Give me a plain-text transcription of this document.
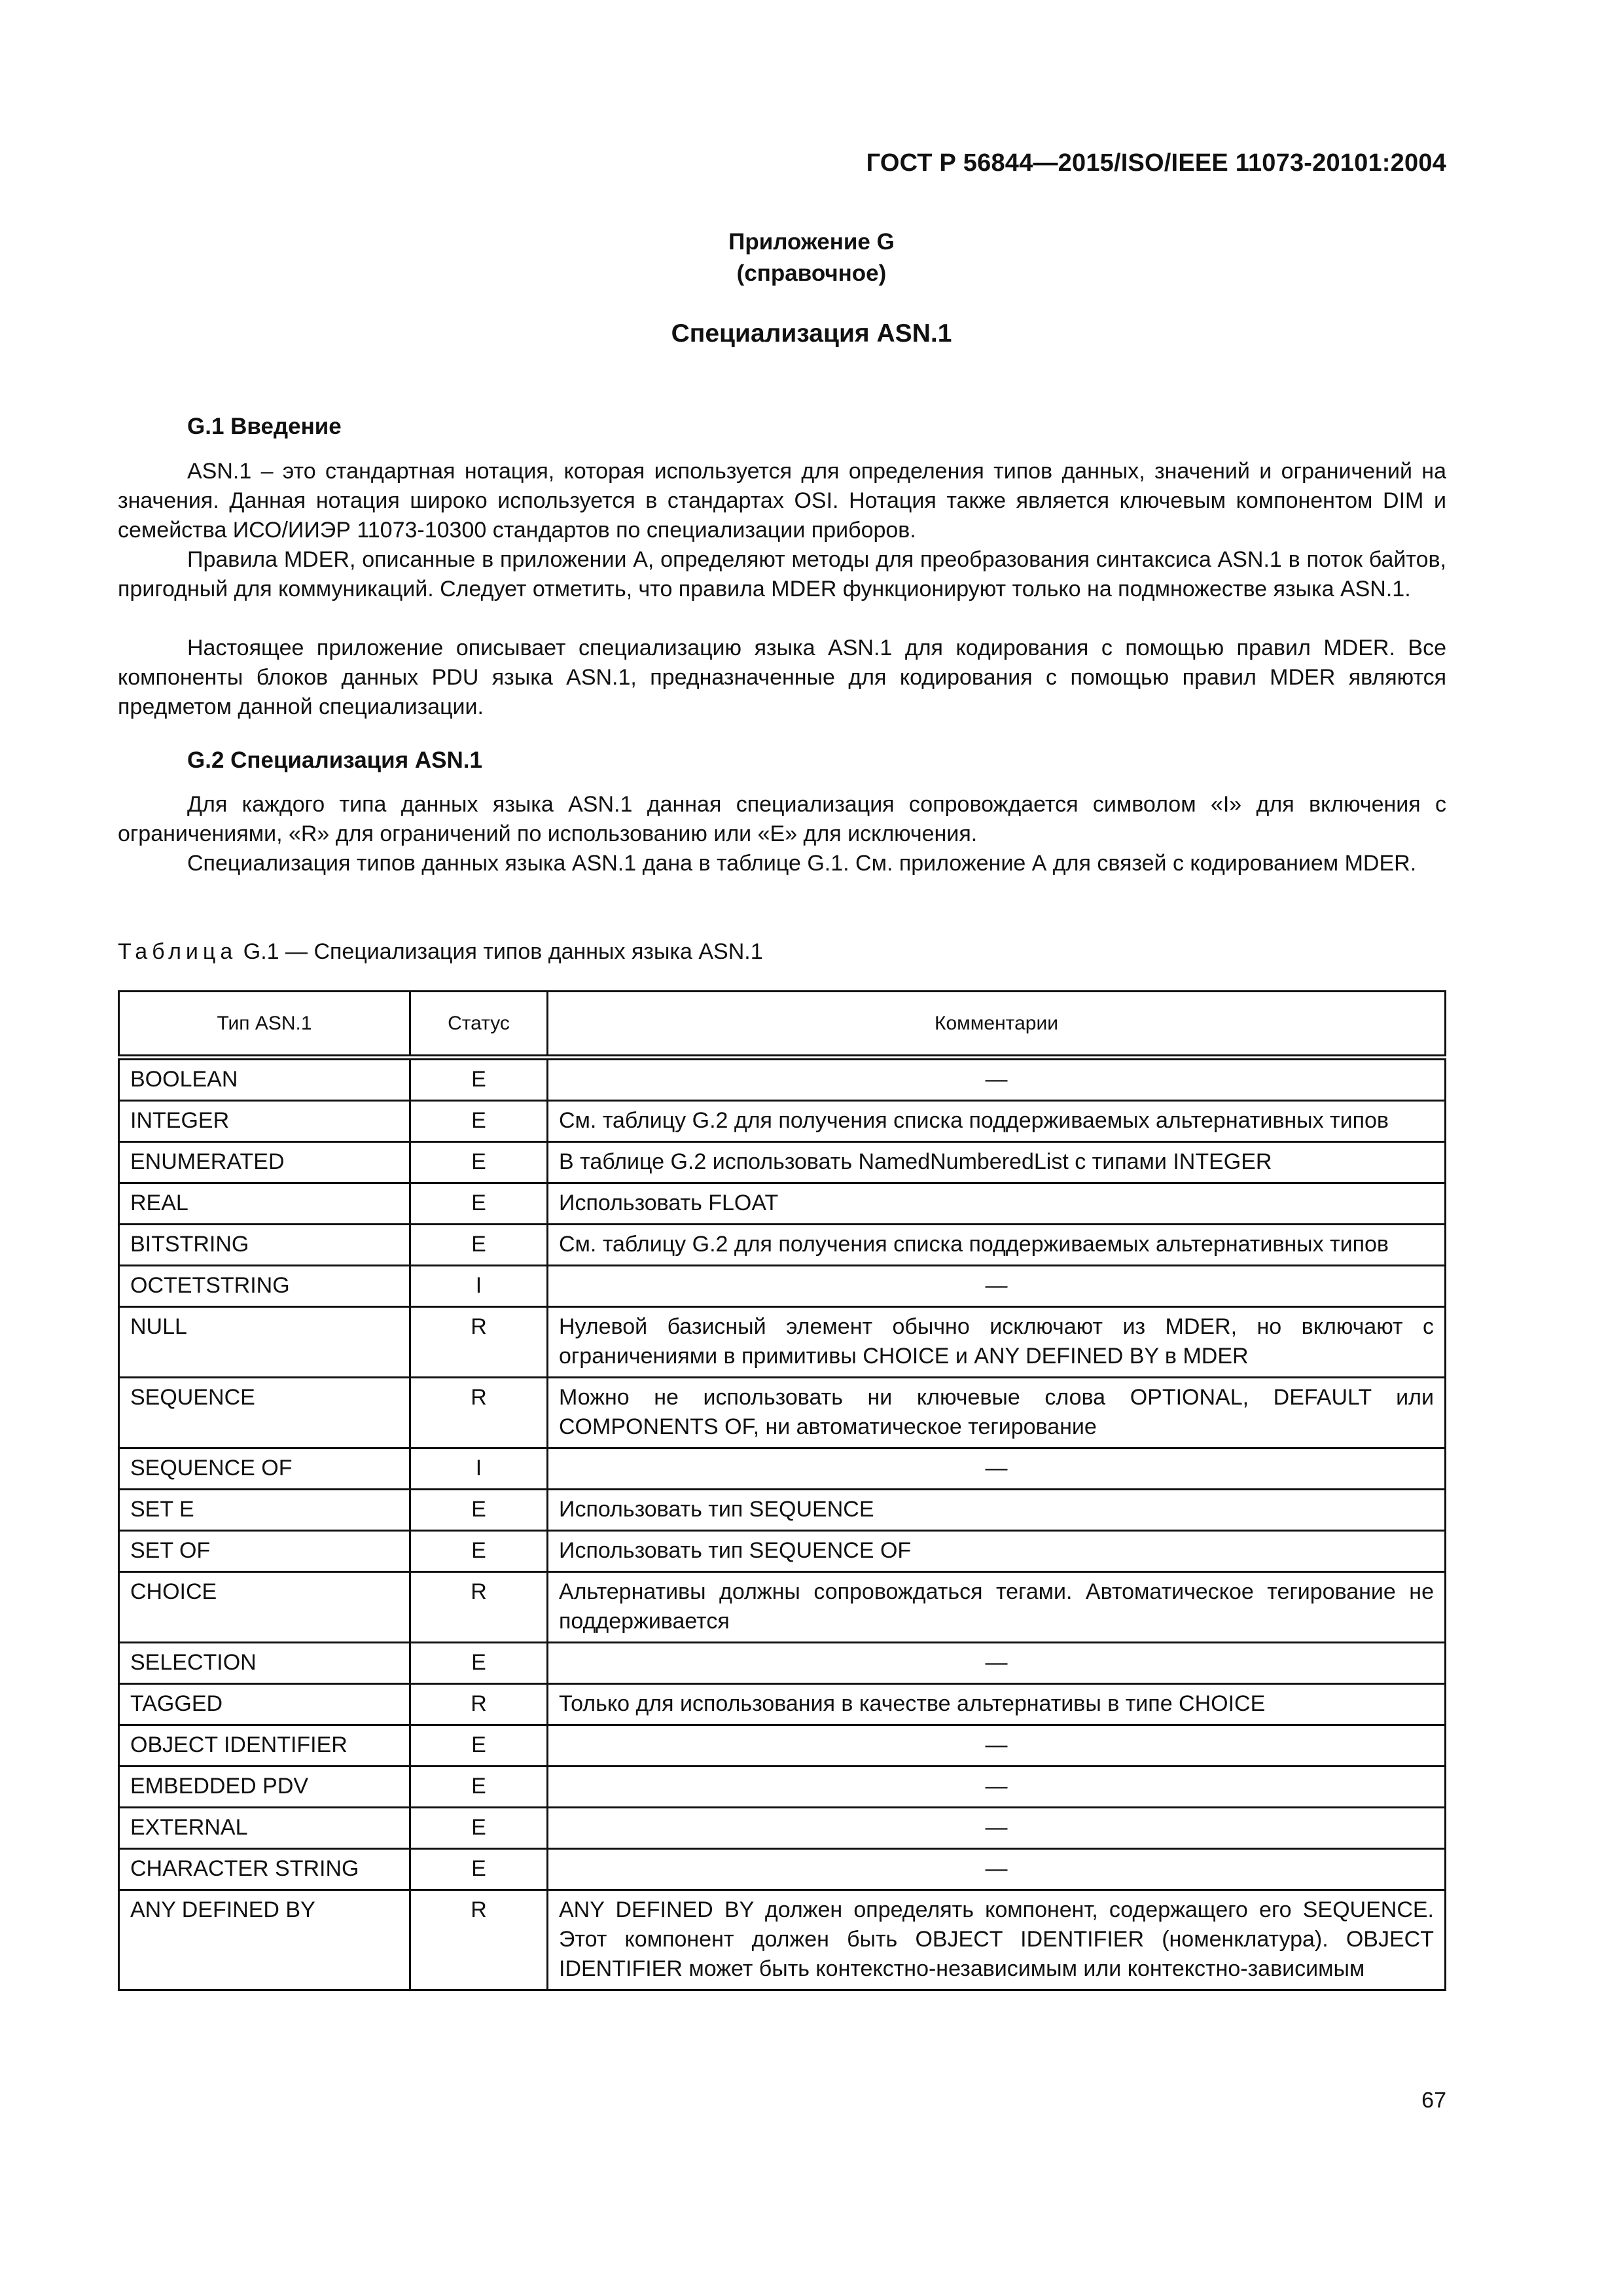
ГОСТ Р 56844—2015/ISO/IEEE 11073-20101:2004
Приложение G
(справочное)
Специализация ASN.1
G.1 Введение
ASN.1 – это стандартная нотация, которая используется для определения типов данных, значений и ограничений на значения. Данная нотация широко используется в стандартах OSI. Нотация также является ключевым компонентом DIM и семейства ИСО/ИИЭР 11073-10300 стандартов по специализации приборов.
Правила MDER, описанные в приложении А, определяют методы для преобразования синтаксиса ASN.1 в поток байтов, пригодный для коммуникаций. Следует отметить, что правила MDER функционируют только на подмножестве языка ASN.1.
Настоящее приложение описывает специализацию языка ASN.1 для кодирования с помощью правил MDER. Все компоненты блоков данных PDU языка ASN.1, предназначенные для кодирования с помощью правил MDER являются предметом данной специализации.
G.2 Специализация ASN.1
Для каждого типа данных языка ASN.1 данная специализация сопровождается символом «I» для включения с ограничениями, «R» для ограничений по использованию или «Е» для исключения.
Специализация типов данных языка ASN.1 дана в таблице G.1. См. приложение А для связей с кодированием MDER.
Таблица G.1 — Специализация типов данных языка ASN.1
Тип ASN.1	Статус	Комментарии
BOOLEAN	E	—
INTEGER	E	См. таблицу G.2 для получения списка поддерживаемых альтернативных типов
ENUMERATED	E	В таблице G.2 использовать NamedNumberedList с типами INTEGER
REAL	E	Использовать FLOAT
BITSTRING	E	См. таблицу G.2 для получения списка поддерживаемых альтернативных типов
OCTETSTRING	I	—
NULL	R	Нулевой базисный элемент обычно исключают из MDER, но включают с ограничениями в примитивы CHOICE и ANY DEFINED BY в MDER
SEQUENCE	R	Можно не использовать ни ключевые слова OPTIONAL, DEFAULT или COMPONENTS OF, ни автоматическое тегирование
SEQUENCE OF	I	—
SET E	E	Использовать тип SEQUENCE
SET OF	E	Использовать тип SEQUENCE OF
CHOICE	R	Альтернативы должны сопровождаться тегами. Автоматическое тегирование не поддерживается
SELECTION	E	—
TAGGED	R	Только для использования в качестве альтернативы в типе CHOICE
OBJECT IDENTIFIER	E	—
EMBEDDED PDV	E	—
EXTERNAL	E	—
CHARACTER STRING	E	—
ANY DEFINED BY	R	ANY DEFINED BY должен определять компонент, содержащего его SEQUENCE. Этот компонент должен быть OBJECT IDENTIFIER (номенклатура). OBJECT IDENTIFIER может быть контекстно-независимым или контекстно-зависимым
67
